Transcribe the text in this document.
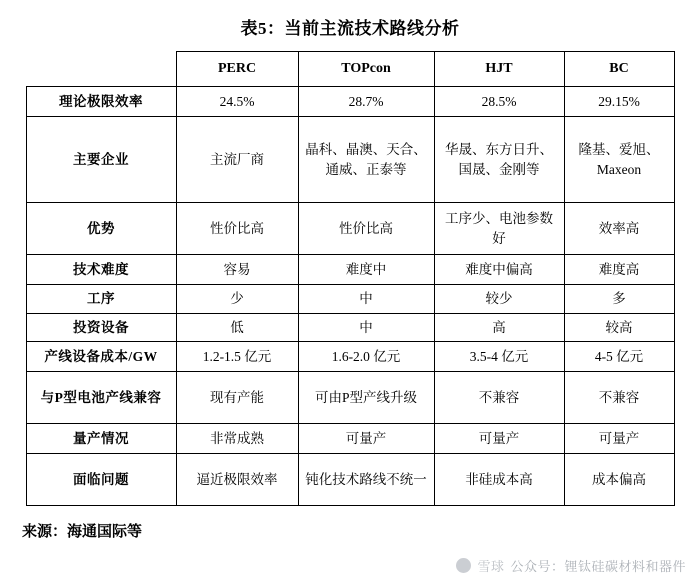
表5：当前主流技术路线分析
	PERC	TOPcon	HJT	BC
理论极限效率	24.5%	28.7%	28.5%	29.15%
主要企业	主流厂商	晶科、晶澳、天合、通威、正泰等	华晟、东方日升、国晟、金刚等	隆基、爱旭、Maxeon
优势	性价比高	性价比高	工序少、电池参数好	效率高
技术难度	容易	难度中	难度中偏高	难度高
工序	少	中	较少	多
投资设备	低	中	高	较高
产线设备成本/GW	1.2-1.5 亿元	1.6-2.0 亿元	3.5-4 亿元	4-5 亿元
与P型电池产线兼容	现有产能	可由P型产线升级	不兼容	不兼容
量产情况	非常成熟	可量产	可量产	可量产
面临问题	逼近极限效率	钝化技术路线不统一	非硅成本高	成本偏高
来源：海通国际等
雪球 公众号：锂钛硅碳材料和器件
